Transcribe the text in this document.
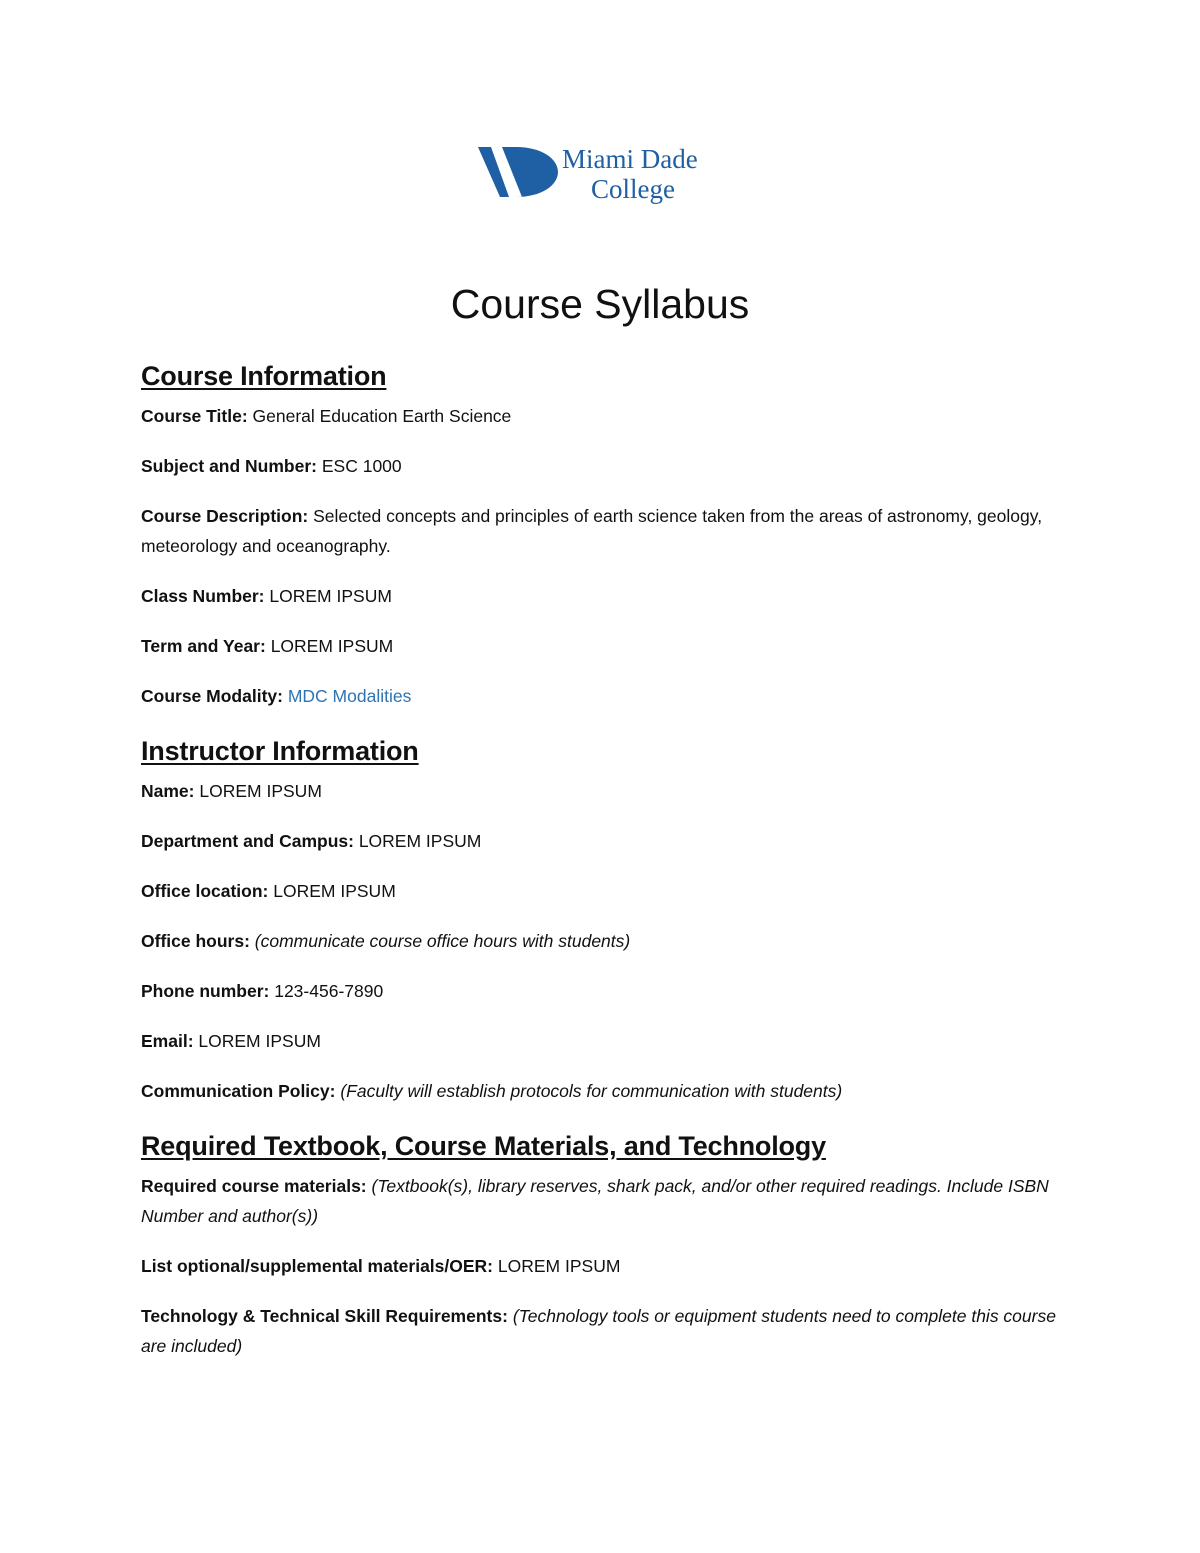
Miami Dade
College
Course Syllabus
Course Information

Course Title: General Education Earth Science

Subject and Number: ESC 1000

Course Description: Selected concepts and principles of earth science taken from the areas of astronomy, geology, meteorology and oceanography.

Class Number: LOREM IPSUM

Term and Year: LOREM IPSUM

Course Modality: MDC Modalities

Instructor Information

Name: LOREM IPSUM

Department and Campus: LOREM IPSUM

Office location: LOREM IPSUM

Office hours: (communicate course office hours with students)

Phone number: 123-456-7890

Email: LOREM IPSUM

Communication Policy: (Faculty will establish protocols for communication with students)

Required Textbook, Course Materials, and Technology

Required course materials: (Textbook(s), library reserves, shark pack, and/or other required readings. Include ISBN Number and author(s))

List optional/supplemental materials/OER: LOREM IPSUM

Technology & Technical Skill Requirements: (Technology tools or equipment students need to complete this course are included)
